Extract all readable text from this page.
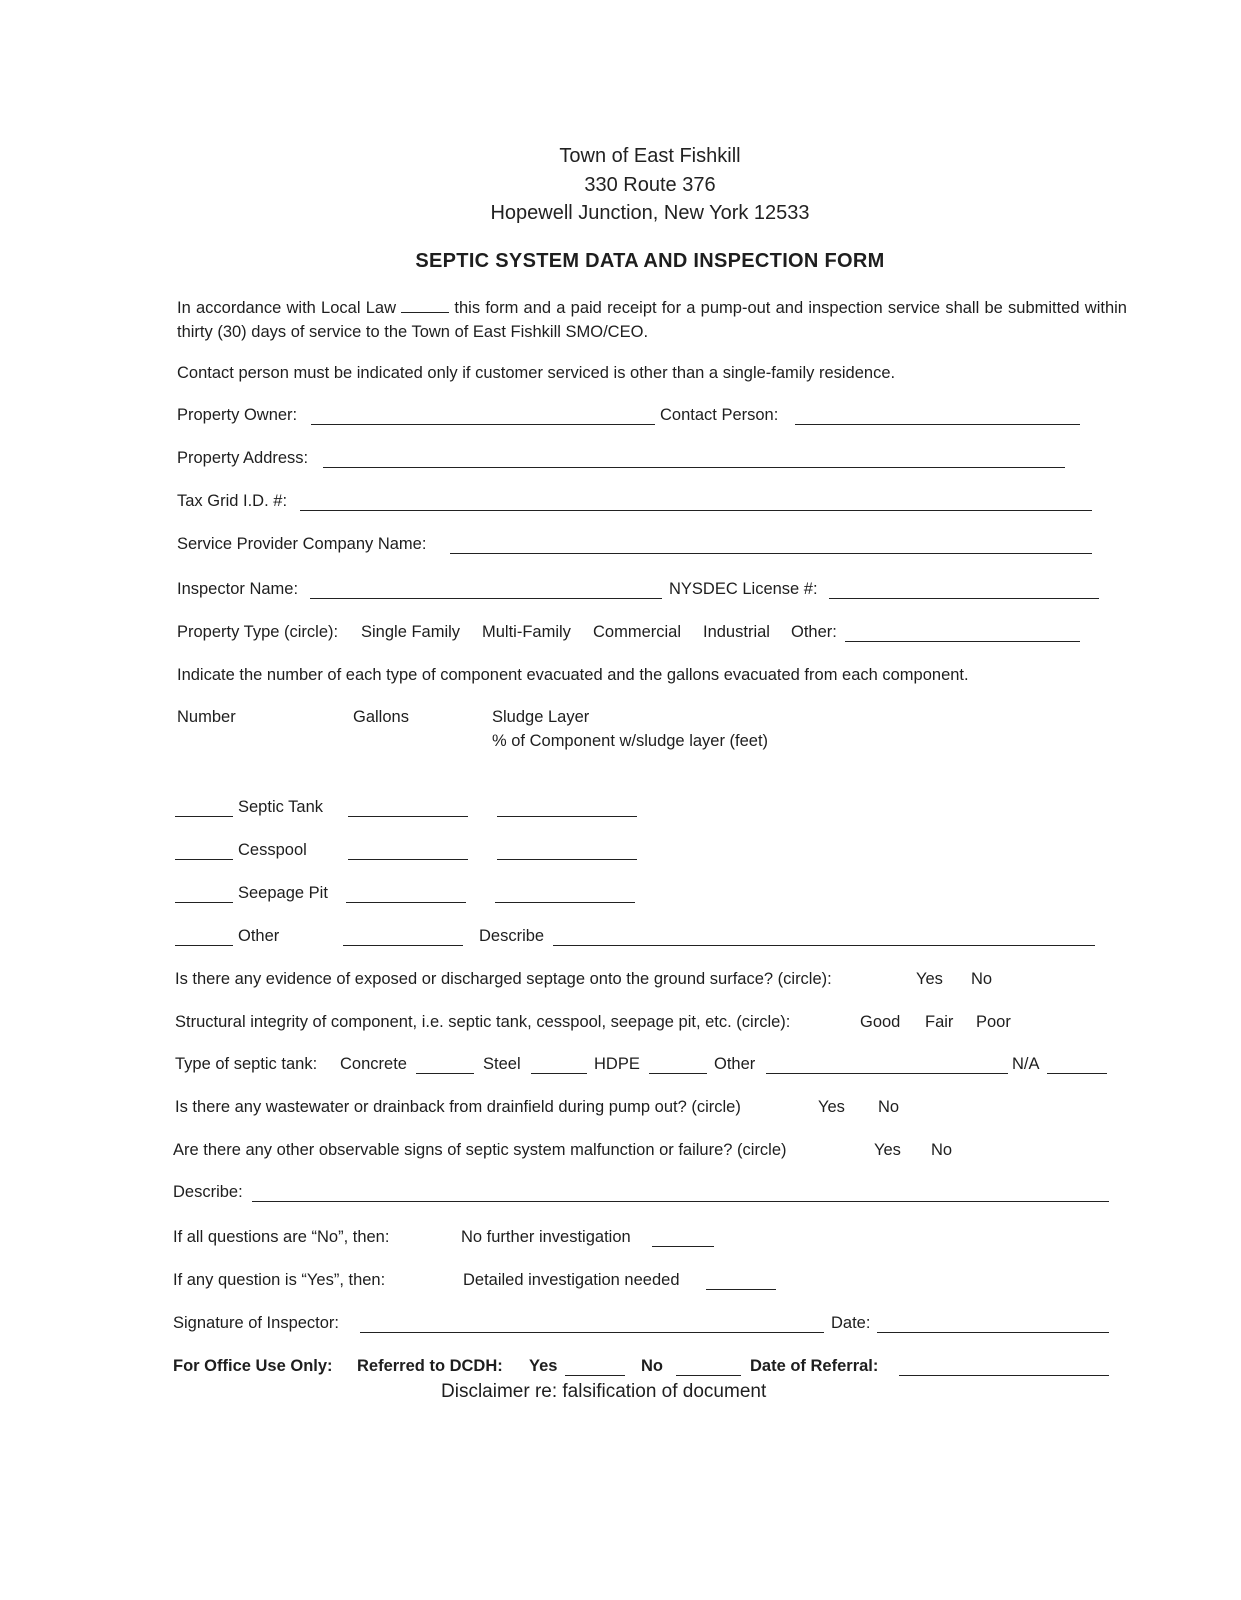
Town of East Fishkill
330 Route 376
Hopewell Junction, New York 12533
SEPTIC SYSTEM DATA AND INSPECTION FORM
In accordance with Local Law	this form and a paid receipt for a pump-out and inspection service shall be submitted within thirty (30) days of service to the Town of East Fishkill SMO/CEO.
Contact person must be indicated only if customer serviced is other than a single-family residence.
Property Owner:	Contact Person:
Property Address:
Tax Grid I.D. #:
Service Provider Company Name:
Inspector Name:	NYSDEC License #:
Property Type (circle): Single Family Multi-Family Commercial Industrial Other:
Indicate the number of each type of component evacuated and the gallons evacuated from each component.
Number	Gallons	Sludge Layer
% of Component w/sludge layer (feet)
Septic Tank
Cesspool
Seepage Pit
Other	Describe
Is there any evidence of exposed or discharged septage onto the ground surface? (circle):	Yes No
Structural integrity of component, i.e. septic tank, cesspool, seepage pit, etc. (circle):	Good Fair Poor
Type of septic tank: Concrete	Steel	HDPE	Other	N/A
Is there any wastewater or drainback from drainfield during pump out? (circle)	Yes No
Are there any other observable signs of septic system malfunction or failure? (circle)	Yes No
Describe:
If all questions are “No”, then:	No further investigation
If any question is “Yes”, then:	Detailed investigation needed
Signature of Inspector:	Date:
For Office Use Only: Referred to DCDH: Yes	No	Date of Referral:
Disclaimer re: falsification of document
